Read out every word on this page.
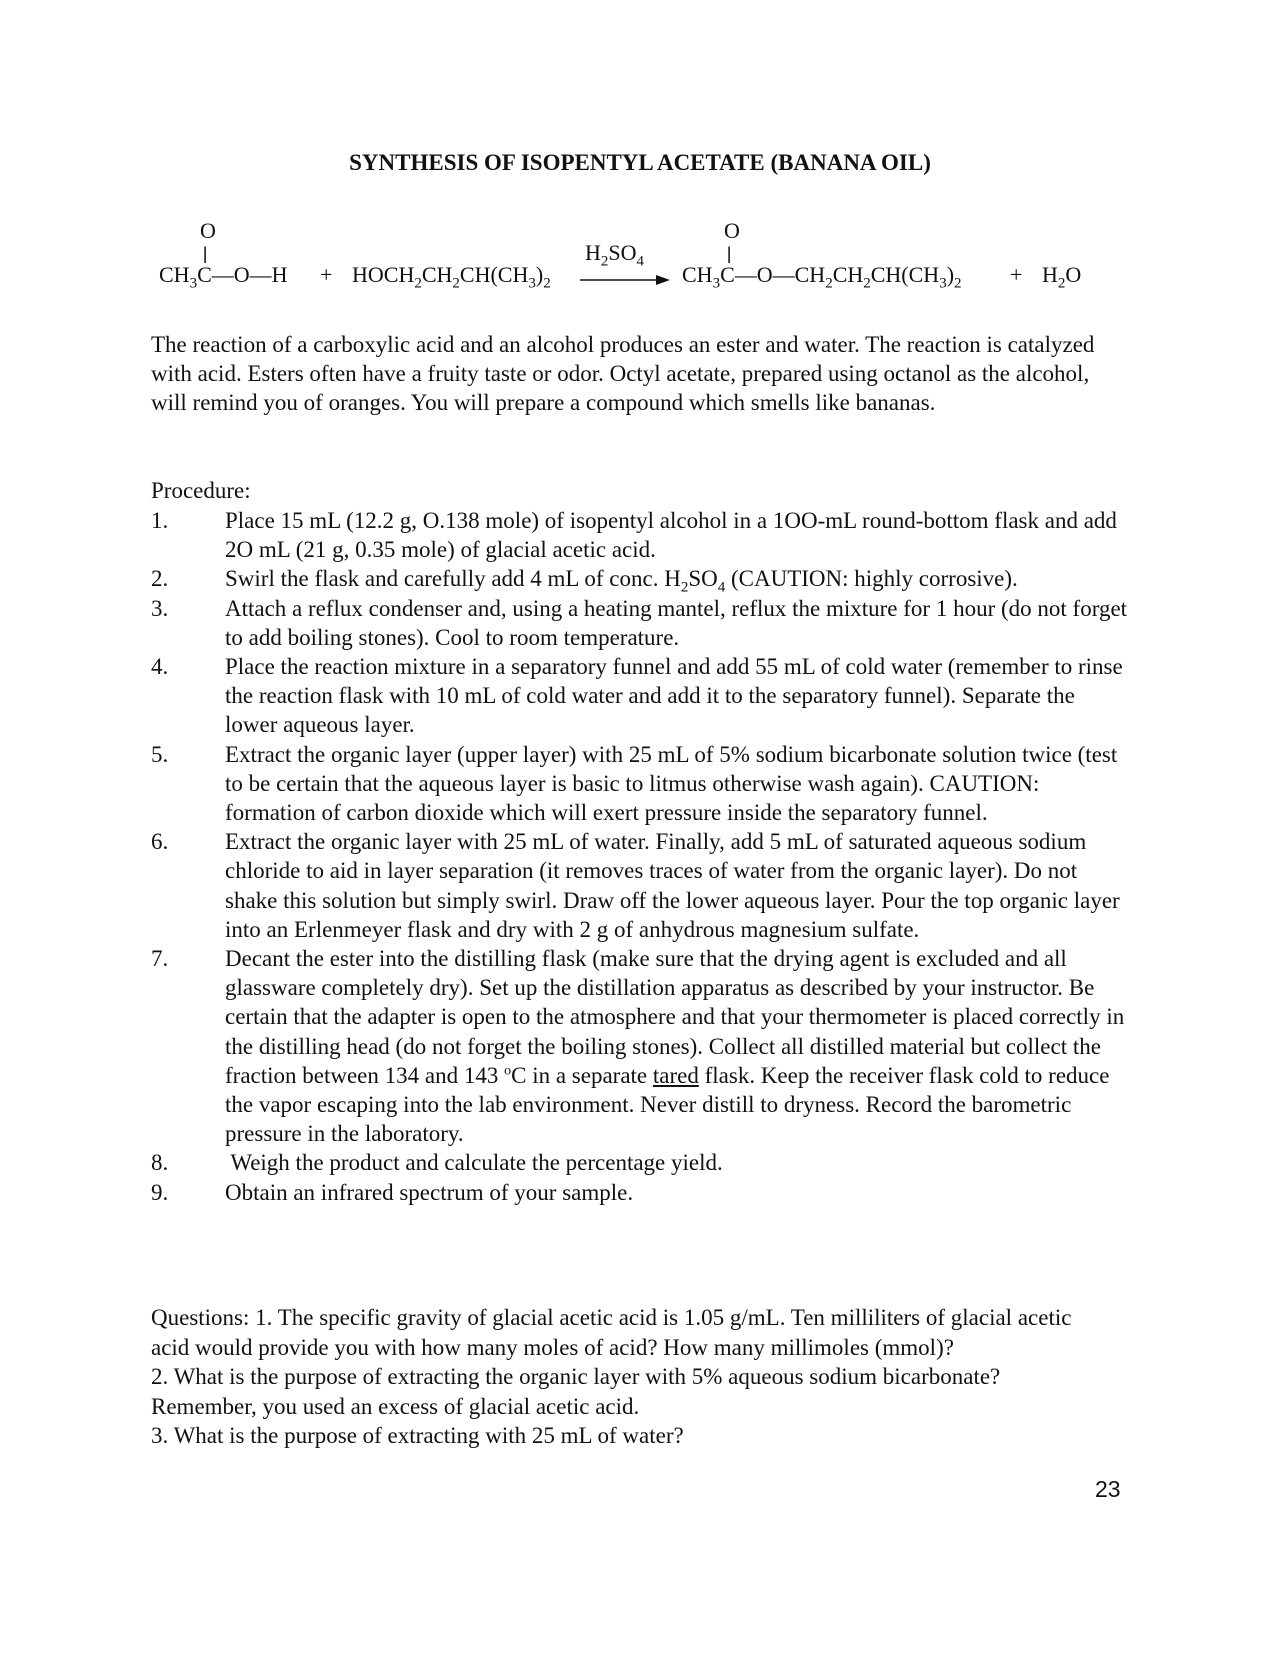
SYNTHESIS OF ISOPENTYL ACETATE (BANANA OIL)
O
||
$CH_3C—O—H$ + $HOCH_2CH_2CH(CH_3)_2$
$H_2SO_4$
O
||
$CH_3C—O—CH_2CH_2CH(CH_3)_2 + H_2O$
The reaction of a carboxylic acid and an alcohol produces an ester and water. The reaction is catalyzed with acid. Esters often have a fruity taste or odor. Octyl acetate, prepared using octanol as the alcohol, will remind you of oranges. You will prepare a compound which smells like bananas.
Procedure:
1. Place 15 mL (12.2 g, O.138 mole) of isopentyl alcohol in a 1OO-mL round-bottom flask and add 2O mL (21 g, 0.35 mole) of glacial acetic acid.
2. Swirl the flask and carefully add 4 mL of conc. $H_2SO_4$ (CAUTION: highly corrosive).
3. Attach a reflux condenser and, using a heating mantel, reflux the mixture for 1 hour (do not forget to add boiling stones). Cool to room temperature.
4. Place the reaction mixture in a separatory funnel and add 55 mL of cold water (remember to rinse the reaction flask with 10 mL of cold water and add it to the separatory funnel). Separate the lower aqueous layer.
5. Extract the organic layer (upper layer) with 25 mL of 5% sodium bicarbonate solution twice (test to be certain that the aqueous layer is basic to litmus otherwise wash again). CAUTION: formation of carbon dioxide which will exert pressure inside the separatory funnel.
6. Extract the organic layer with 25 mL of water. Finally, add 5 mL of saturated aqueous sodium chloride to aid in layer separation (it removes traces of water from the organic layer). Do not shake this solution but simply swirl. Draw off the lower aqueous layer. Pour the top organic layer into an Erlenmeyer flask and dry with 2 g of anhydrous magnesium sulfate.
7. Decant the ester into the distilling flask (make sure that the drying agent is excluded and all glassware completely dry). Set up the distillation apparatus as described by your instructor. Be certain that the adapter is open to the atmosphere and that your thermometer is placed correctly in the distilling head (do not forget the boiling stones). Collect all distilled material but collect the fraction between 134 and 143 $^o$C in a separate tared flask. Keep the receiver flask cold to reduce the vapor escaping into the lab environment. Never distill to dryness. Record the barometric pressure in the laboratory.
8. Weigh the product and calculate the percentage yield.
9. Obtain an infrared spectrum of your sample.
Questions: 1. The specific gravity of glacial acetic acid is 1.05 g/mL. Ten milliliters of glacial acetic acid would provide you with how many moles of acid? How many millimoles (mmol)?
2. What is the purpose of extracting the organic layer with 5% aqueous sodium bicarbonate? Remember, you used an excess of glacial acetic acid.
3. What is the purpose of extracting with 25 mL of water?
23
